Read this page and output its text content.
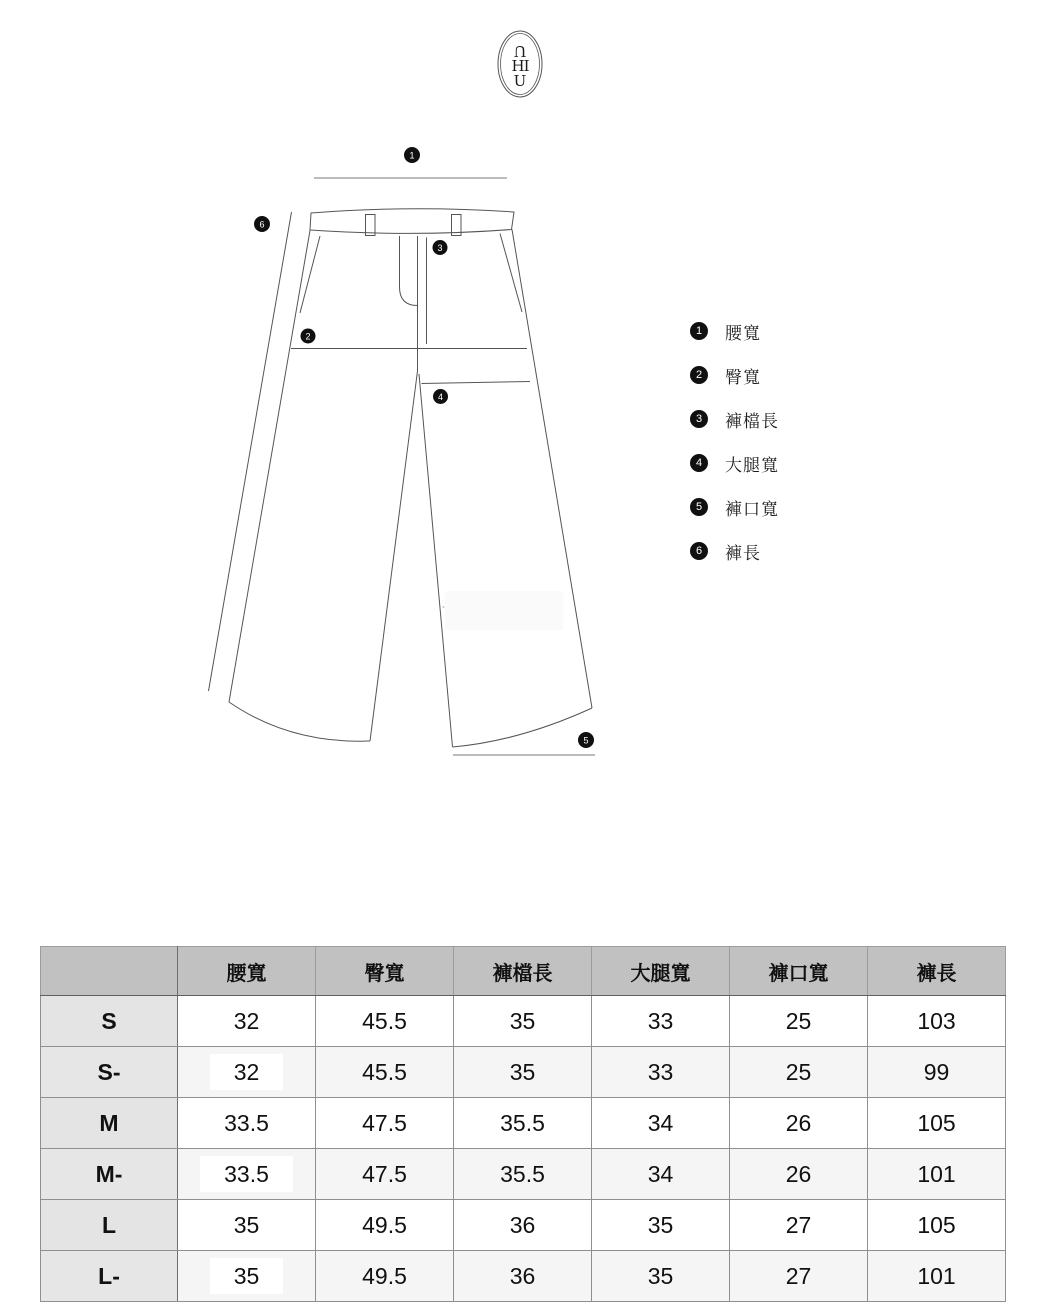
U
HI
U
1
2
3
4
5
6
1	腰寬
2	臀寬
3	褲檔長
4	大腿寬
5	褲口寬
6	褲長
	腰寬	臀寬	褲檔長	大腿寬	褲口寬	褲長
S	32	45.5	35	33	25	103
S-	32	45.5	35	33	25	99
M	33.5	47.5	35.5	34	26	105
M-	33.5	47.5	35.5	34	26	101
L	35	49.5	36	35	27	105
L-	35	49.5	36	35	27	101
